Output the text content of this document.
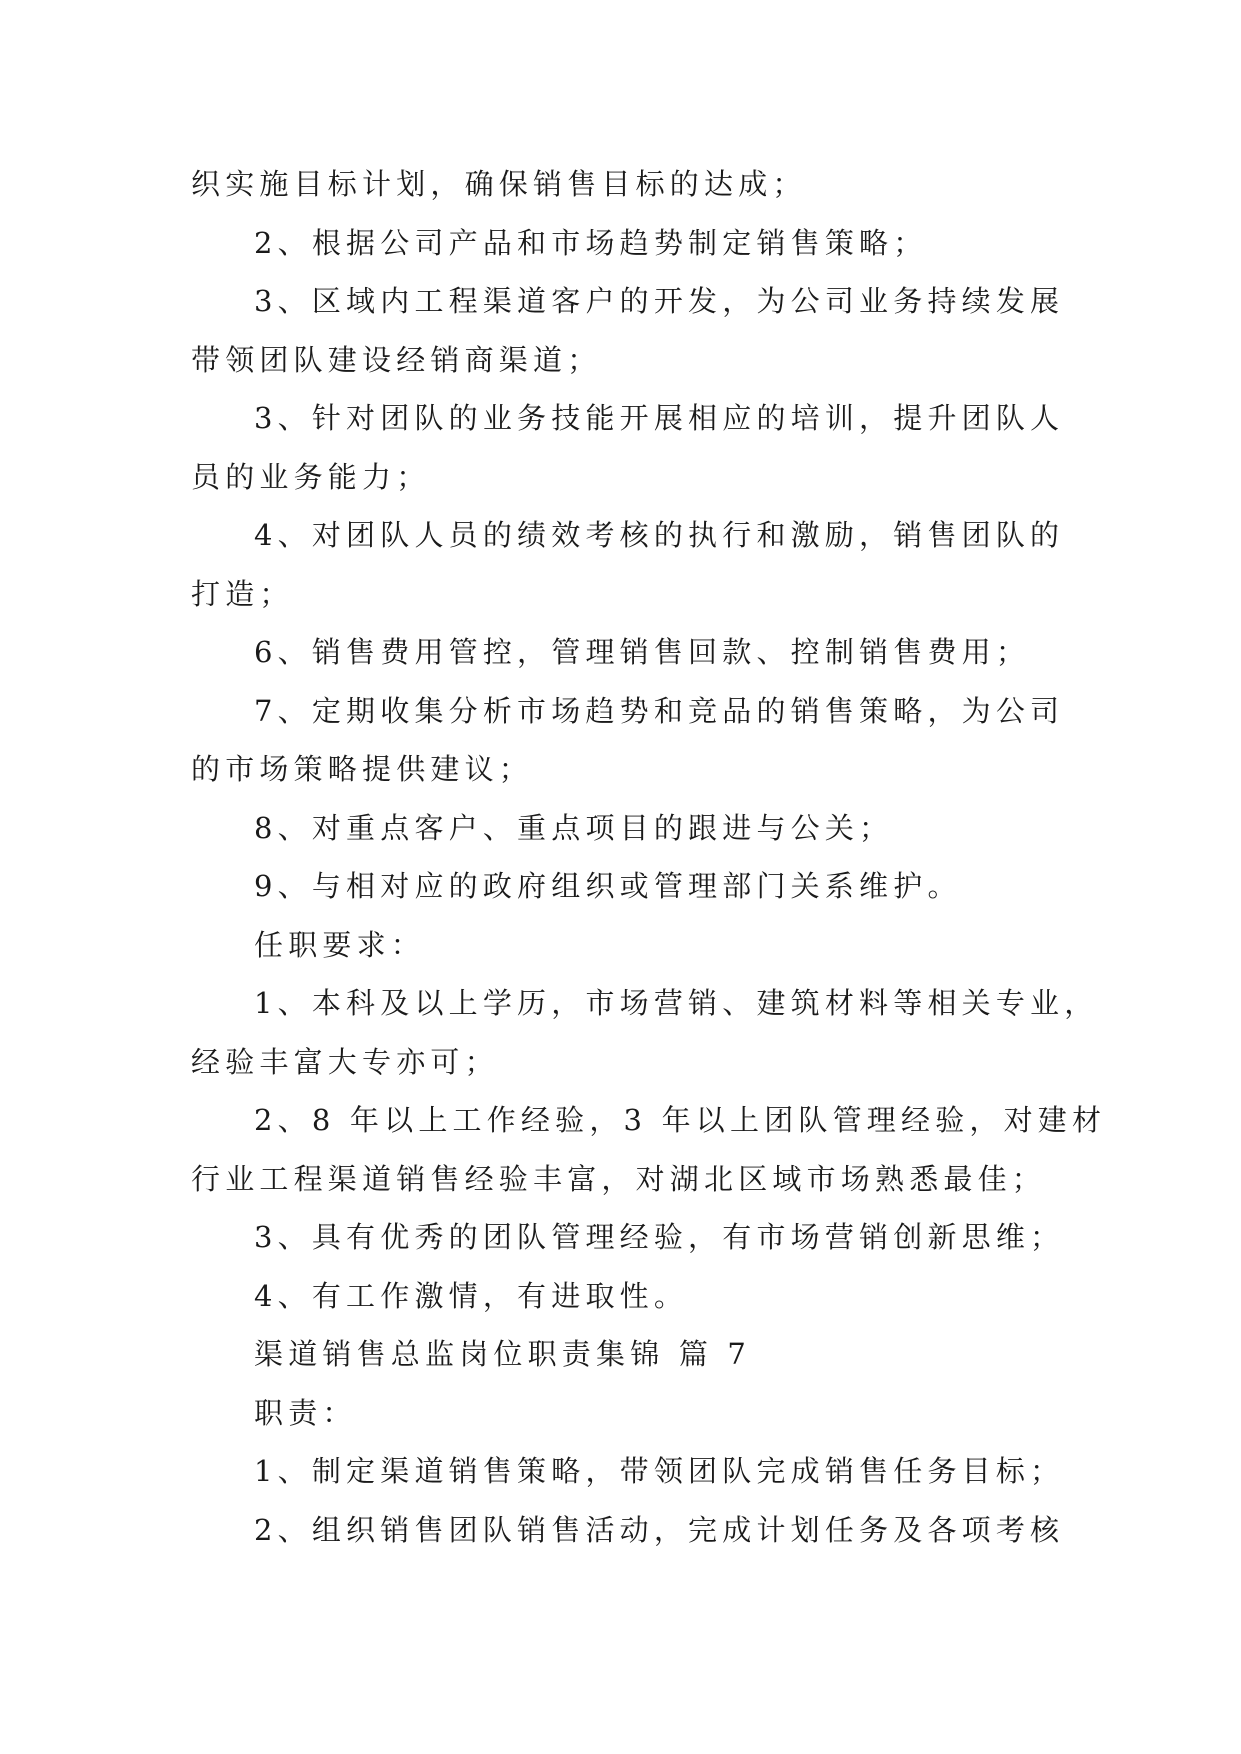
织实施目标计划，确保销售目标的达成；
2、根据公司产品和市场趋势制定销售策略；
3、区域内工程渠道客户的开发，为公司业务持续发展
带领团队建设经销商渠道；
3、针对团队的业务技能开展相应的培训，提升团队人
员的业务能力；
4、对团队人员的绩效考核的执行和激励，销售团队的
打造；
6、销售费用管控，管理销售回款、控制销售费用；
7、定期收集分析市场趋势和竞品的销售策略，为公司
的市场策略提供建议；
8、对重点客户、重点项目的跟进与公关；
9、与相对应的政府组织或管理部门关系维护。
任职要求：
1、本科及以上学历，市场营销、建筑材料等相关专业，
经验丰富大专亦可；
2、8 年以上工作经验，3 年以上团队管理经验，对建材
行业工程渠道销售经验丰富，对湖北区域市场熟悉最佳；
3、具有优秀的团队管理经验，有市场营销创新思维；
4、有工作激情，有进取性。
渠道销售总监岗位职责集锦 篇 7
职责：
1、制定渠道销售策略，带领团队完成销售任务目标；
2、组织销售团队销售活动，完成计划任务及各项考核
